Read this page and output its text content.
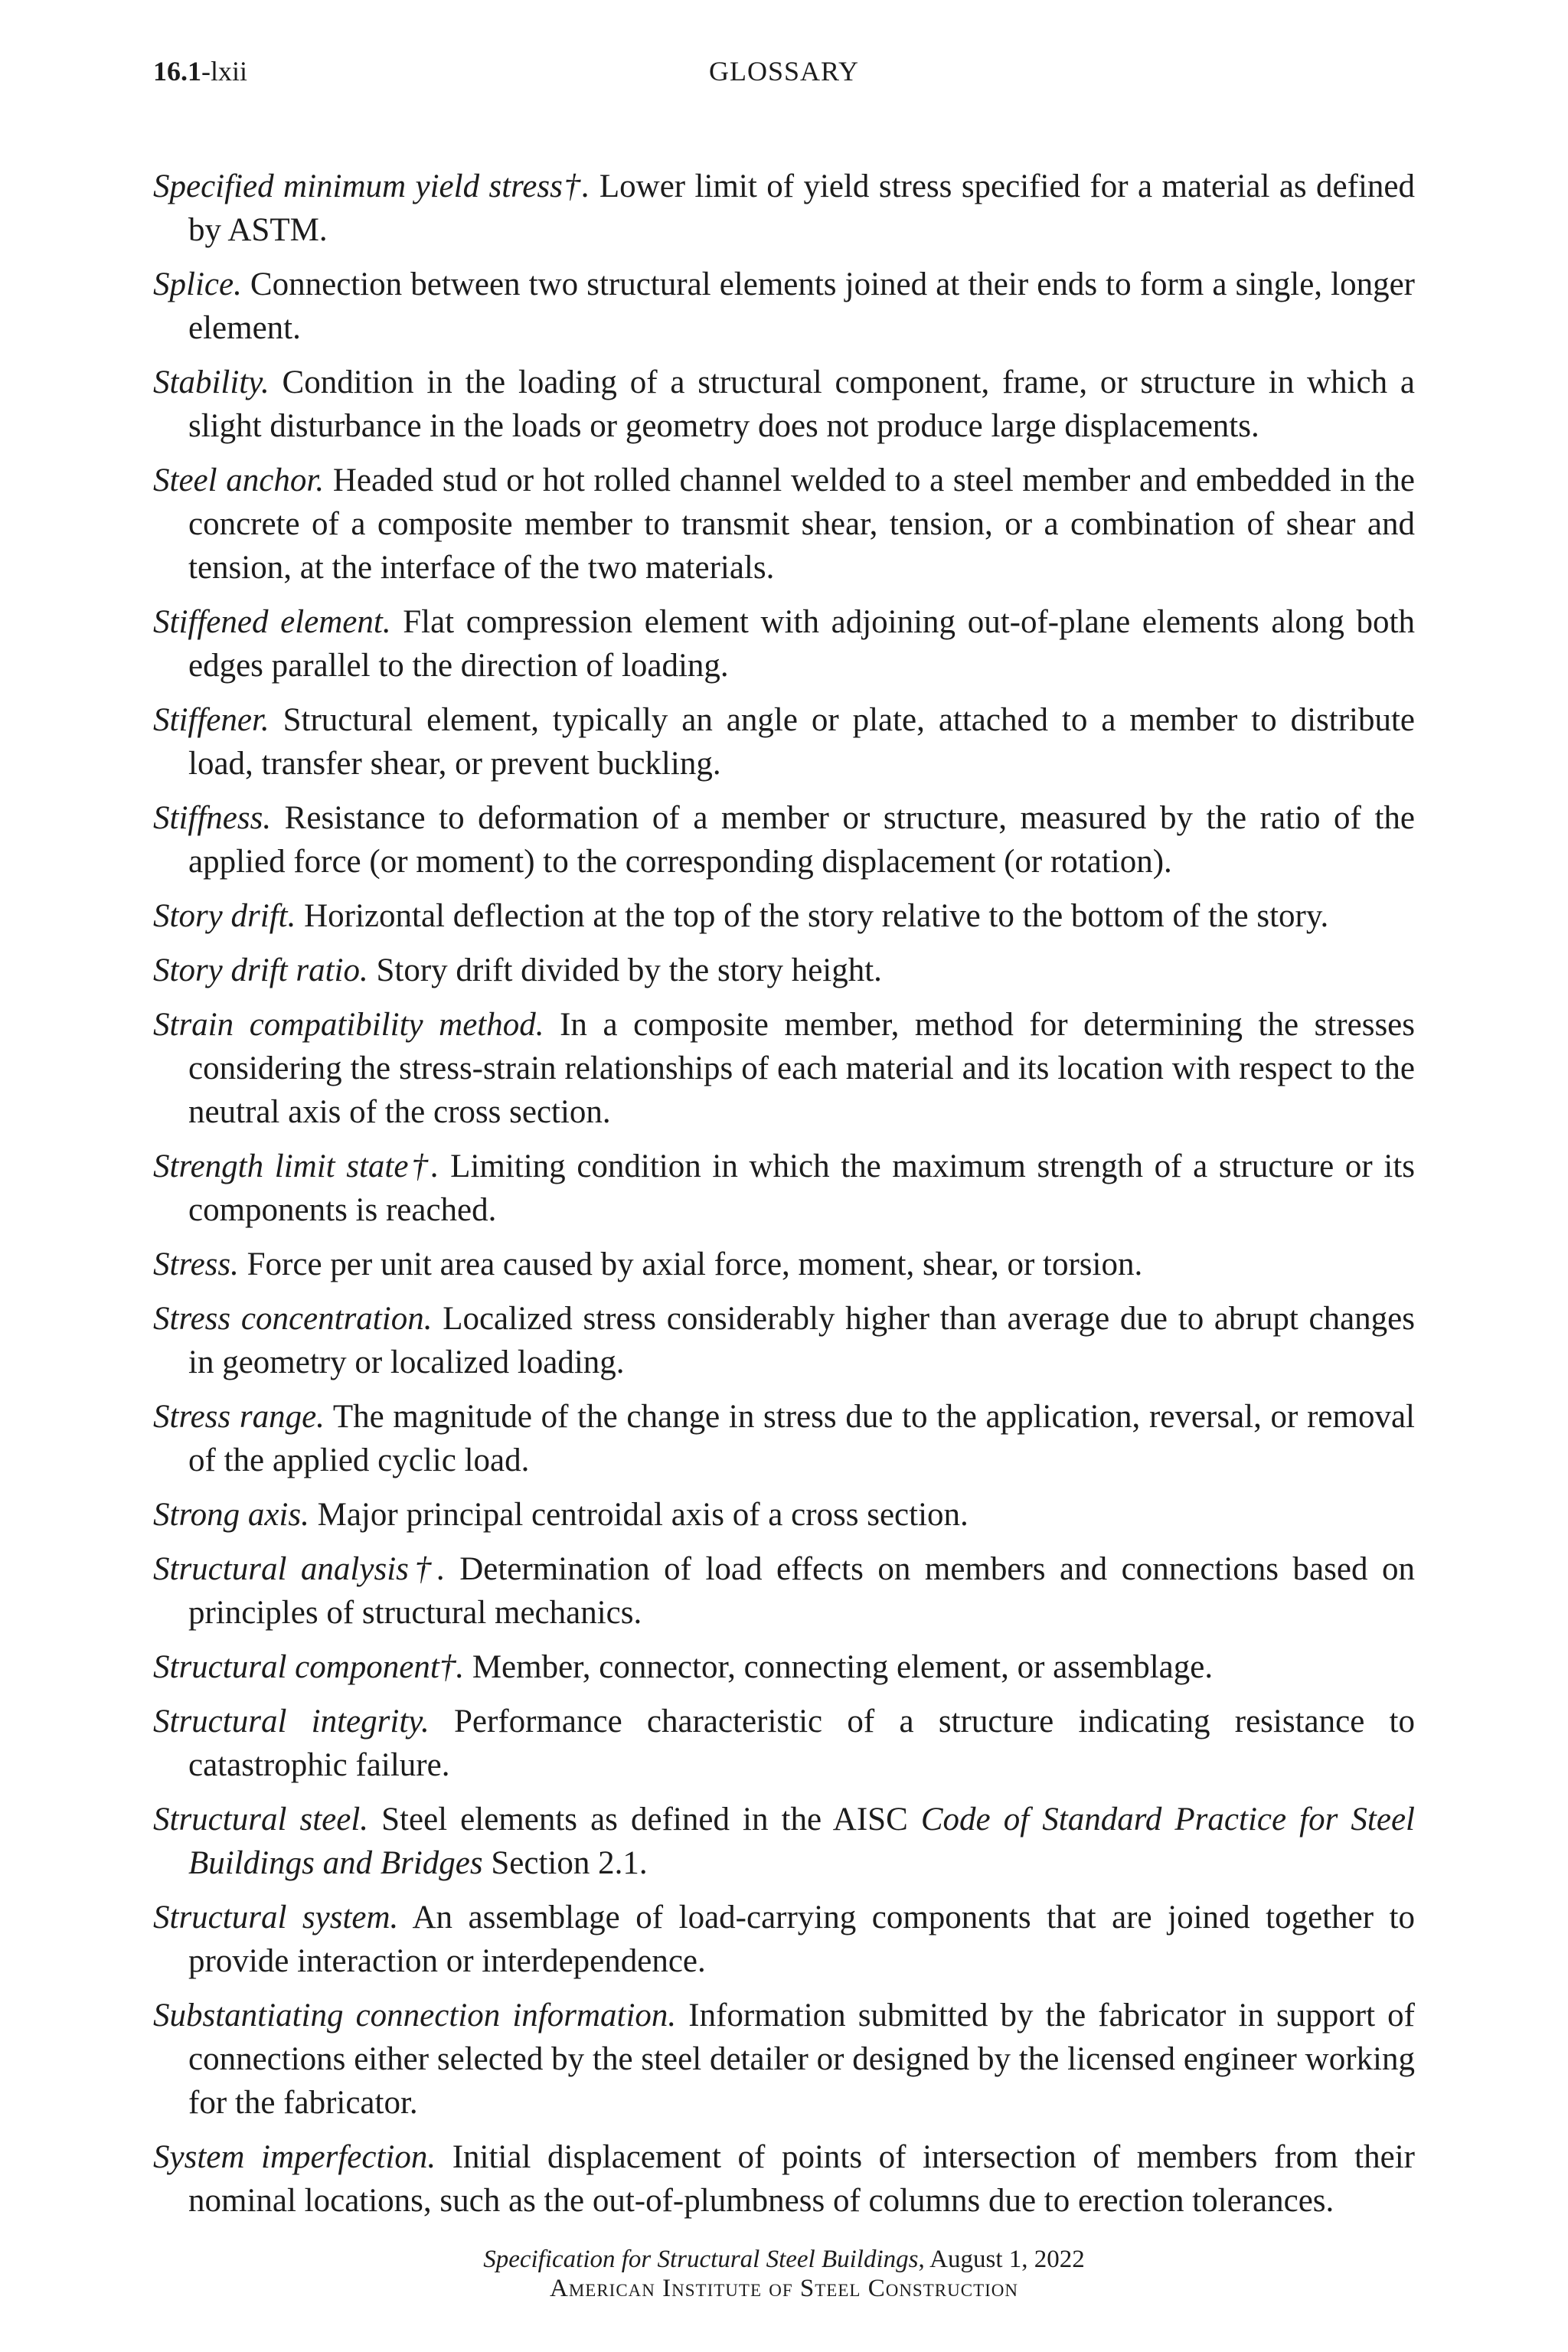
16.1-lxii	GLOSSARY

Specified minimum yield stress†. Lower limit of yield stress specified for a material as defined by ASTM.

Splice. Connection between two structural elements joined at their ends to form a single, longer element.

Stability. Condition in the loading of a structural component, frame, or structure in which a slight disturbance in the loads or geometry does not produce large displacements.

Steel anchor. Headed stud or hot rolled channel welded to a steel member and embedded in the concrete of a composite member to transmit shear, tension, or a combination of shear and tension, at the interface of the two materials.

Stiffened element. Flat compression element with adjoining out-of-plane elements along both edges parallel to the direction of loading.

Stiffener. Structural element, typically an angle or plate, attached to a member to distribute load, transfer shear, or prevent buckling.

Stiffness. Resistance to deformation of a member or structure, measured by the ratio of the applied force (or moment) to the corresponding displacement (or rotation).

Story drift. Horizontal deflection at the top of the story relative to the bottom of the story.

Story drift ratio. Story drift divided by the story height.

Strain compatibility method. In a composite member, method for determining the stresses considering the stress-strain relationships of each material and its location with respect to the neutral axis of the cross section.

Strength limit state†. Limiting condition in which the maximum strength of a structure or its components is reached.

Stress. Force per unit area caused by axial force, moment, shear, or torsion.

Stress concentration. Localized stress considerably higher than average due to abrupt changes in geometry or localized loading.

Stress range. The magnitude of the change in stress due to the application, reversal, or removal of the applied cyclic load.

Strong axis. Major principal centroidal axis of a cross section.

Structural analysis†. Determination of load effects on members and connections based on principles of structural mechanics.

Structural component†. Member, connector, connecting element, or assemblage.

Structural integrity. Performance characteristic of a structure indicating resistance to catastrophic failure.

Structural steel. Steel elements as defined in the AISC Code of Standard Practice for Steel Buildings and Bridges Section 2.1.

Structural system. An assemblage of load-carrying components that are joined together to provide interaction or interdependence.

Substantiating connection information. Information submitted by the fabricator in support of connections either selected by the steel detailer or designed by the licensed engineer working for the fabricator.

System imperfection. Initial displacement of points of intersection of members from their nominal locations, such as the out-of-plumbness of columns due to erection tolerances.

Specification for Structural Steel Buildings, August 1, 2022
American Institute of Steel Construction
